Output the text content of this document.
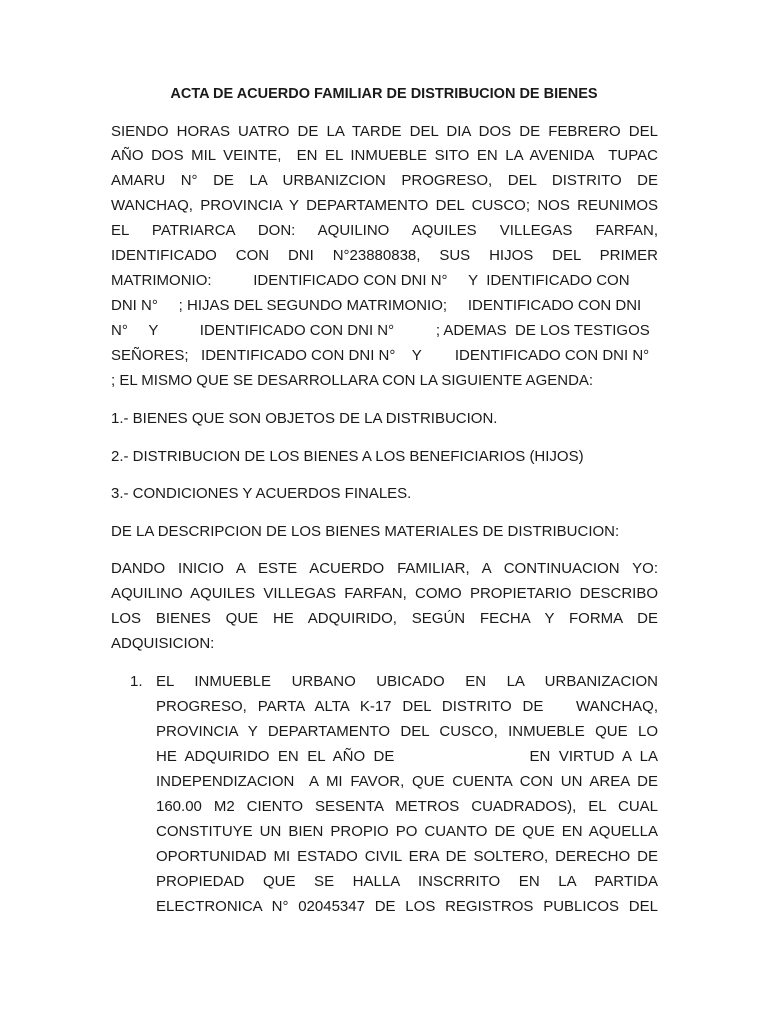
ACTA DE ACUERDO FAMILIAR DE DISTRIBUCION DE BIENES

SIENDO HORAS UATRO DE LA TARDE DEL DIA DOS DE FEBRERO DEL

AÑO DOS MIL VEINTE,  EN EL INMUEBLE SITO EN LA AVENIDA  TUPAC

AMARU N° DE LA URBANIZCION PROGRESO, DEL DISTRITO DE

WANCHAQ, PROVINCIA Y DEPARTAMENTO DEL CUSCO; NOS REUNIMOS

EL PATRIARCA DON: AQUILINO AQUILES VILLEGAS FARFAN,

IDENTIFICADO CON DNI N°23880838, SUS HIJOS DEL PRIMER

MATRIMONIO:          IDENTIFICADO CON DNI N°     Y  IDENTIFICADO CON

DNI N°     ; HIJAS DEL SEGUNDO MATRIMONIO;     IDENTIFICADO CON DNI

N°     Y          IDENTIFICADO CON DNI N°          ; ADEMAS  DE LOS TESTIGOS

SEÑORES;   IDENTIFICADO CON DNI N°    Y        IDENTIFICADO CON DNI N°

; EL MISMO QUE SE DESARROLLARA CON LA SIGUIENTE AGENDA:

1.- BIENES QUE SON OBJETOS DE LA DISTRIBUCION.

2.- DISTRIBUCION DE LOS BIENES A LOS BENEFICIARIOS (HIJOS)

3.- CONDICIONES Y ACUERDOS FINALES.

DE LA DESCRIPCION DE LOS BIENES MATERIALES DE DISTRIBUCION:

DANDO INICIO A ESTE ACUERDO FAMILIAR, A CONTINUACION YO:

AQUILINO AQUILES VILLEGAS FARFAN, COMO PROPIETARIO DESCRIBO

LOS BIENES QUE HE ADQUIRIDO, SEGÚN FECHA Y FORMA DE

ADQUISICION:

1. EL INMUEBLE URBANO UBICADO EN LA URBANIZACION

PROGRESO, PARTA ALTA K-17 DEL DISTRITO DE   WANCHAQ,

PROVINCIA Y DEPARTAMENTO DEL CUSCO, INMUEBLE QUE LO

HE ADQUIRIDO EN EL AÑO DE                EN VIRTUD A LA

INDEPENDIZACION  A MI FAVOR, QUE CUENTA CON UN AREA DE

160.00 M2 CIENTO SESENTA METROS CUADRADOS), EL CUAL

CONSTITUYE UN BIEN PROPIO PO CUANTO DE QUE EN AQUELLA

OPORTUNIDAD MI ESTADO CIVIL ERA DE SOLTERO, DERECHO DE

PROPIEDAD QUE SE HALLA INSCRRITO EN LA PARTIDA

ELECTRONICA N° 02045347 DE LOS REGISTROS PUBLICOS DEL
